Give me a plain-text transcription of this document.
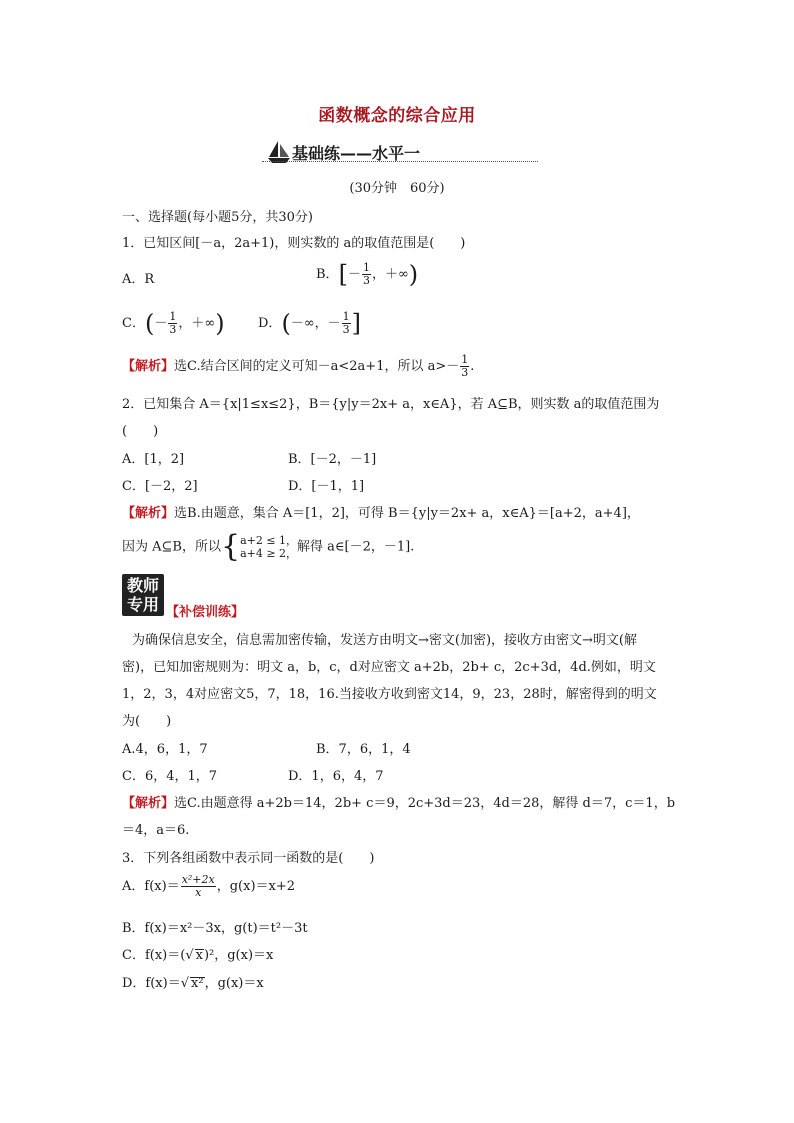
函数概念的综合应用
基础练——水平一
(30分钟　60分)
一、选择题(每小题5分，共30分)
1．已知区间[－a，2a+1)，则实数的 a的取值范围是(　　)
A．R	B．[－ $\frac{1}{3}$ ，＋∞)
C．(－ $\frac{1}{3}$ ，＋∞)	D．(－∞，－ $\frac{1}{3}$ ]
【解析】选C.结合区间的定义可知－a<2a+1，所以 $a>- \frac{1}{3}$ .
2．已知集合 A＝{x|1≤x≤2}，B＝{y|y＝2x+ a，x∈A}，若 A⊆B，则实数 a的取值范围为
(　　)
A．[1，2]	B．[－2，－1]
C．[－2，2]	D．[－1，1]
【解析】选B.由题意，集合 A＝[1，2]，可得 B＝{y|y＝2x+ a，x∈A}＝[a+2，a+4]，
因为 A⊆B，所以{ a+2 ≤ 1，
a+4 ≥ 2， 解得 a∈[－2，－1].
教师
专用 【补偿训练】
为确保信息安全，信息需加密传输，发送方由明文→密文(加密)，接收方由密文→明文(解
密)，已知加密规则为：明文 a，b，c，d对应密文 a+2b，2b+ c，2c+3d，4d.例如，明文
1，2，3，4对应密文5，7，18，16.当接收方收到密文14，9，23，28时，解密得到的明文
为(　　)
A.4，6，1，7	B．7，6，1，4
C．6，4，1，7	D．1，6，4，7
【解析】选C.由题意得 a+2b＝14，2b+ c＝9，2c+3d＝23，4d＝28，解得 d＝7，c＝1，b
＝4，a＝6.
3．下列各组函数中表示同一函数的是(　　)
A．$f(x)= \frac{\text{x²+2x}}{x}$ ，g(x)＝x+2
B．f(x)＝x²－3x，g(t)＝t²－3t
C．f(x)＝(√ x)²，g(x)＝x
D．f(x)＝√ x²，g(x)＝x
